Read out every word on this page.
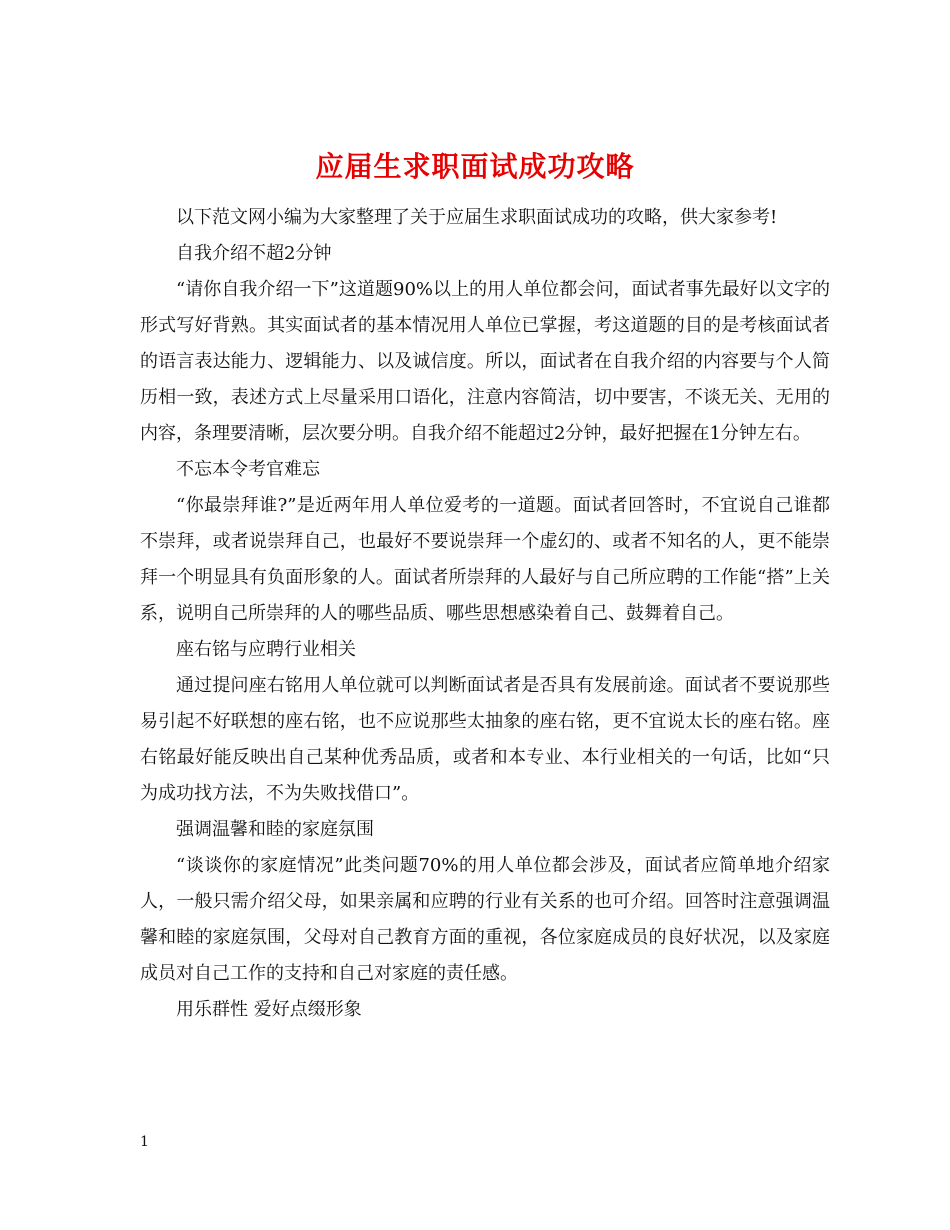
应届生求职面试成功攻略

以下范文网小编为大家整理了关于应届生求职面试成功的攻略，供大家参考!

自我介绍不超2分钟

“请你自我介绍一下”这道题90%以上的用人单位都会问，面试者事先最好以文字的形式写好背熟。其实面试者的基本情况用人单位已掌握，考这道题的目的是考核面试者的语言表达能力、逻辑能力、以及诚信度。所以，面试者在自我介绍的内容要与个人简历相一致，表述方式上尽量采用口语化，注意内容简洁，切中要害，不谈无关、无用的内容，条理要清晰，层次要分明。自我介绍不能超过2分钟，最好把握在1分钟左右。

不忘本令考官难忘

“你最崇拜谁?”是近两年用人单位爱考的一道题。面试者回答时，不宜说自己谁都不崇拜，或者说崇拜自己，也最好不要说崇拜一个虚幻的、或者不知名的人，更不能崇拜一个明显具有负面形象的人。面试者所崇拜的人最好与自己所应聘的工作能“搭”上关系，说明自己所崇拜的人的哪些品质、哪些思想感染着自己、鼓舞着自己。

座右铭与应聘行业相关

通过提问座右铭用人单位就可以判断面试者是否具有发展前途。面试者不要说那些易引起不好联想的座右铭，也不应说那些太抽象的座右铭，更不宜说太长的座右铭。座右铭最好能反映出自己某种优秀品质，或者和本专业、本行业相关的一句话，比如“只为成功找方法，不为失败找借口”。

强调温馨和睦的家庭氛围

“谈谈你的家庭情况”此类问题70%的用人单位都会涉及，面试者应简单地介绍家人，一般只需介绍父母，如果亲属和应聘的行业有关系的也可介绍。回答时注意强调温馨和睦的家庭氛围，父母对自己教育方面的重视，各位家庭成员的良好状况，以及家庭成员对自己工作的支持和自己对家庭的责任感。

用乐群性 爱好点缀形象

1
